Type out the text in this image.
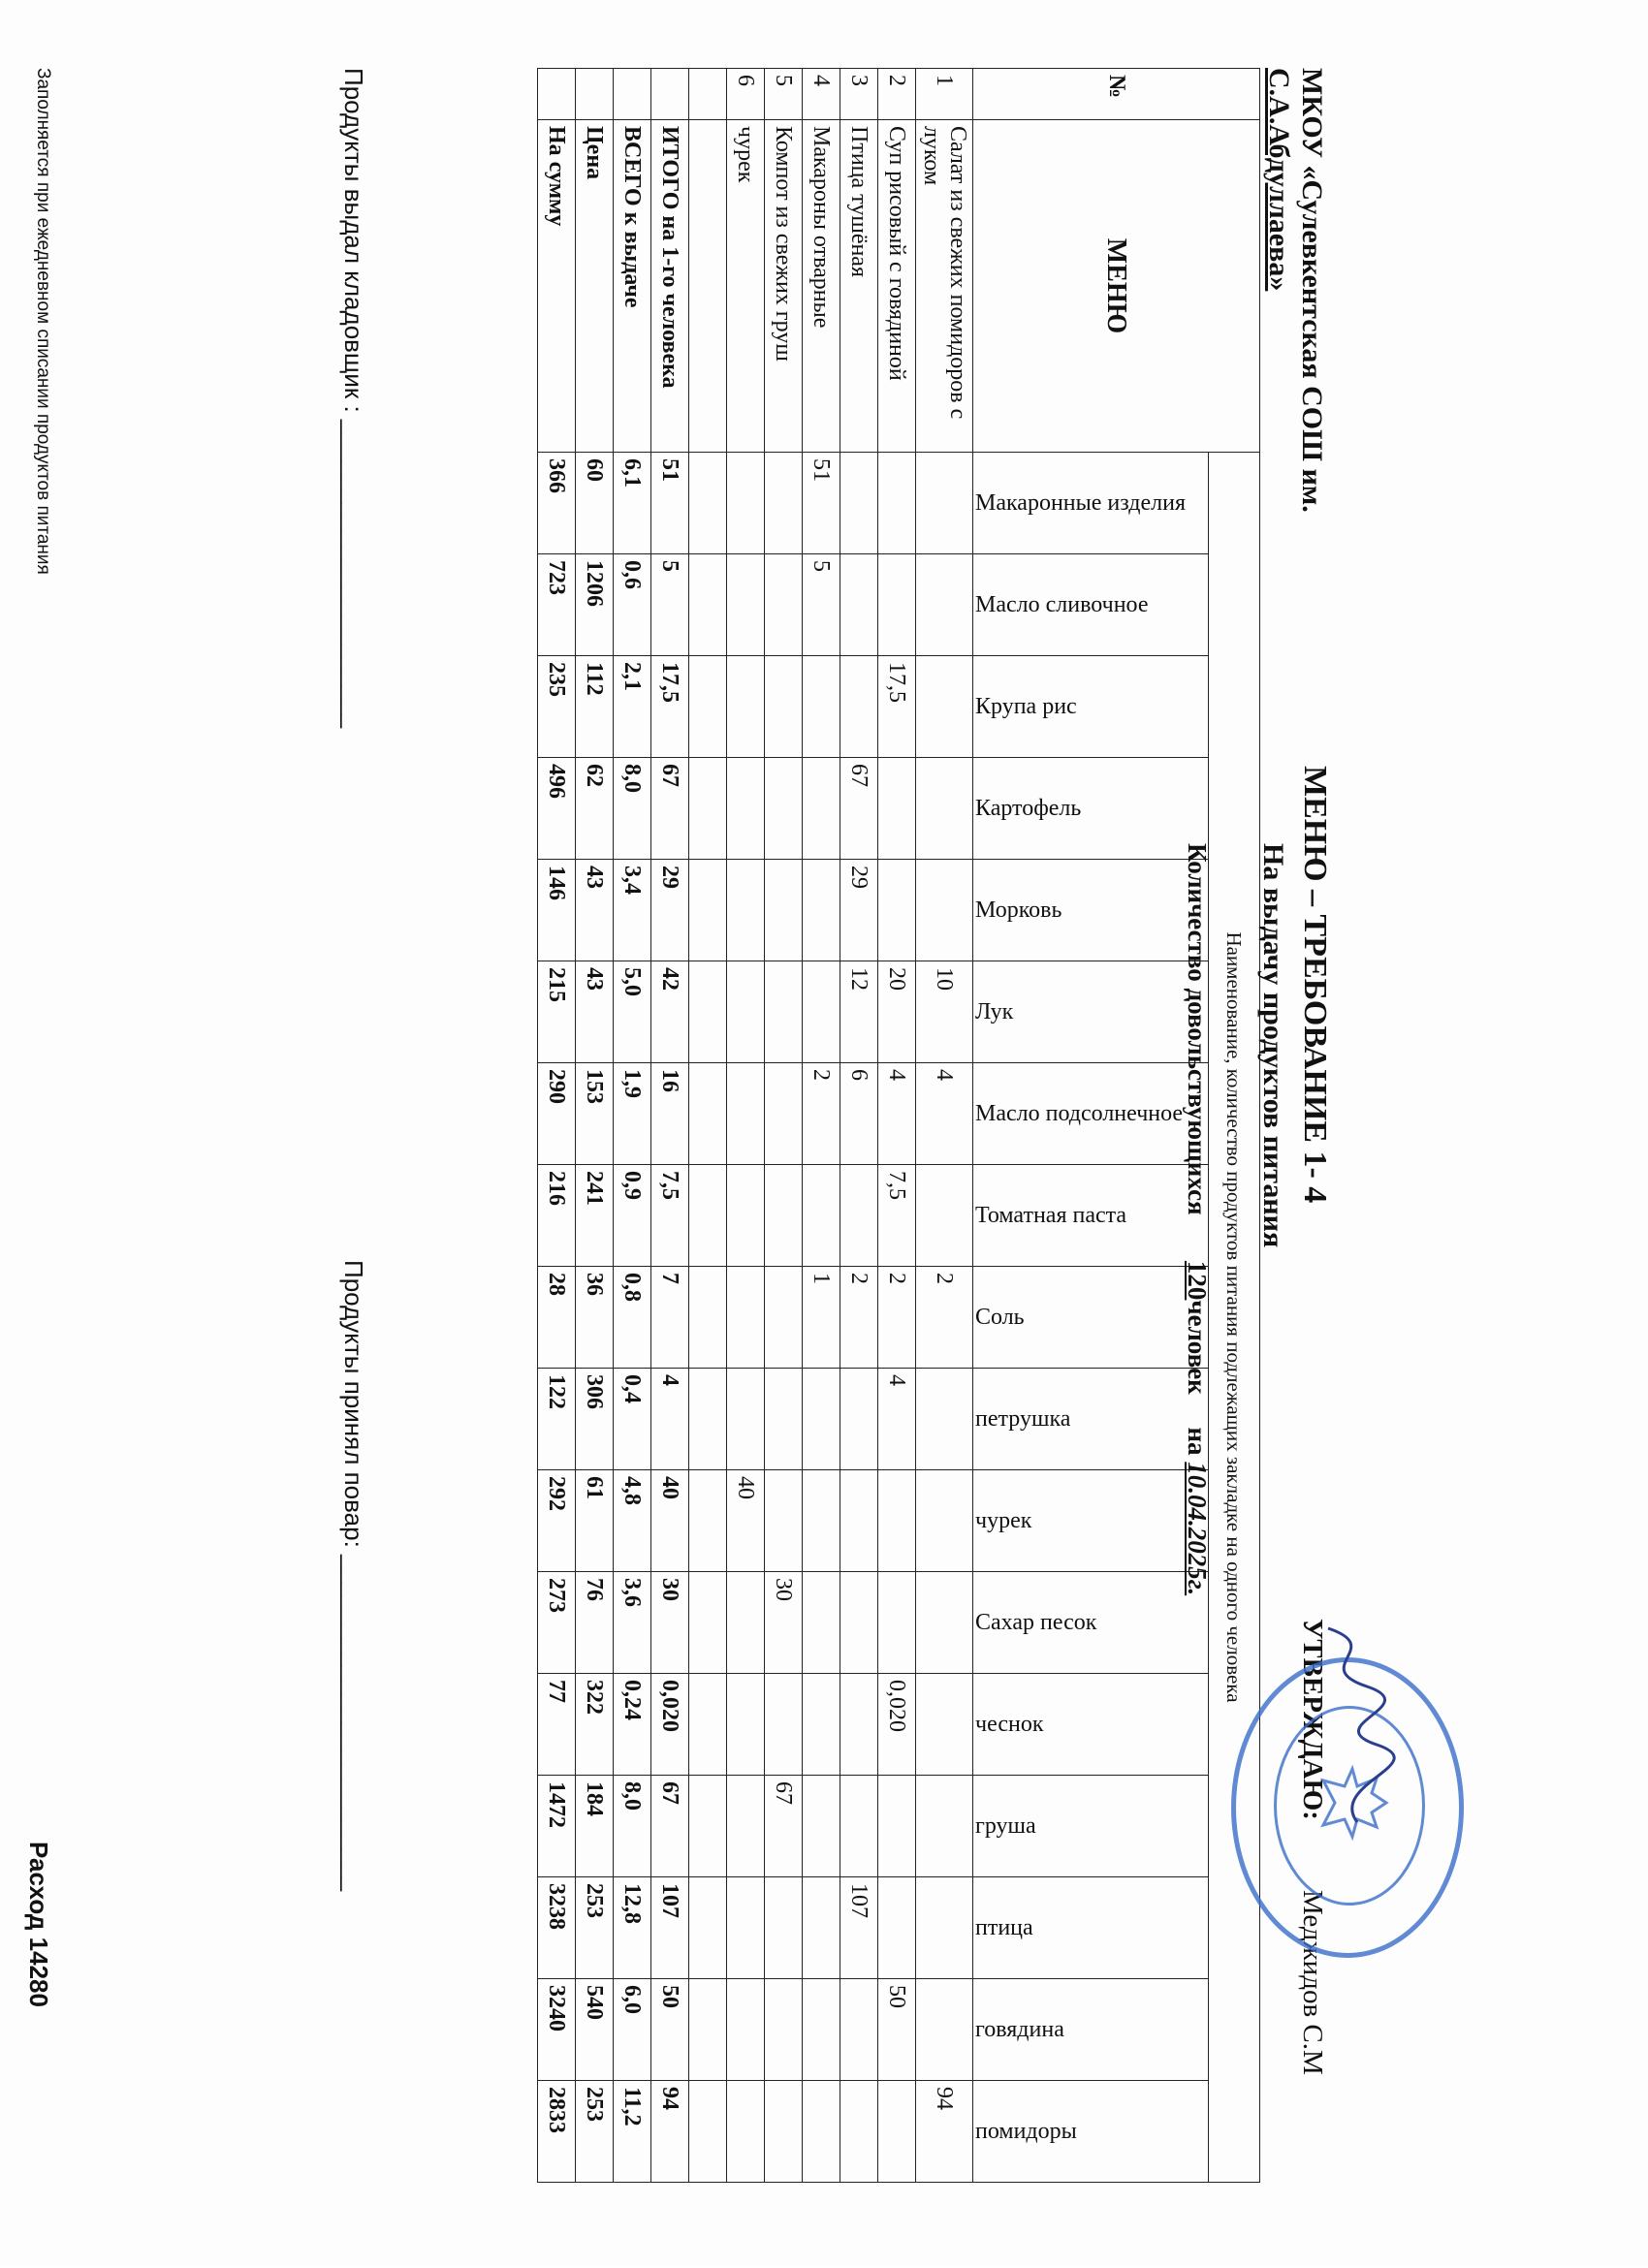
№	МЕНЮ	Наименование, количество продуктов питания подлежащих закладке на одного человека																
		Макаронные изделия	Масло сливочное	Крупа рис	Картофель	Морковь	Лук	Масло подсолнечное	Томатная паста	Соль	петрушка	чурек	Сахар песок	чеснок	груша	птица	говядина	помидоры

1	Салат из свежих помидоров с луком						10	4		2								94
2	Суп рисовый с говядиной			17,5			20	4	7,5	2	4			0,020			50	
3	Птица тушёная				67	29	12	6		2						107		
4	Макароны отварные	51	5					2		1								
5	Компот из свежих груш												30		67			
6	чурек											40						

	ИТОГО на 1-го человека	51	5	17,5	67	29	42	16	7,5	7	4	40	30	0,020	67	107	50	94
	ВСЕГО к выдаче	6,1	0,6	2,1	8,0	3,4	5,0	1,9	0,9	0,8	0,4	4,8	3,6	0,24	8,0	12,8	6,0	11,2
	Цена	60	1206	112	62	43	43	153	241	36	306	61	76	322	184	253	540	253
	На сумму	366	723	235	496	146	215	290	216	28	122	292	273	77	1472	3238	3240	2833
Заполняется при ежедневном списании продуктов питания
Расход 14280
МКОУ «Сулевкентская СОШ им.
С.А.Абдуллаева»
МЕНЮ – ТРЕБОВАНИЕ 1- 4
На выдачу продуктов питания
Количество довольствующихся       120человек     на 10.04.2025г.
УТВЕРЖДАЮ:
Меджидов С.М
Продукты выдал кладовщик : ______________________
Продукты принял повар: ________________________
